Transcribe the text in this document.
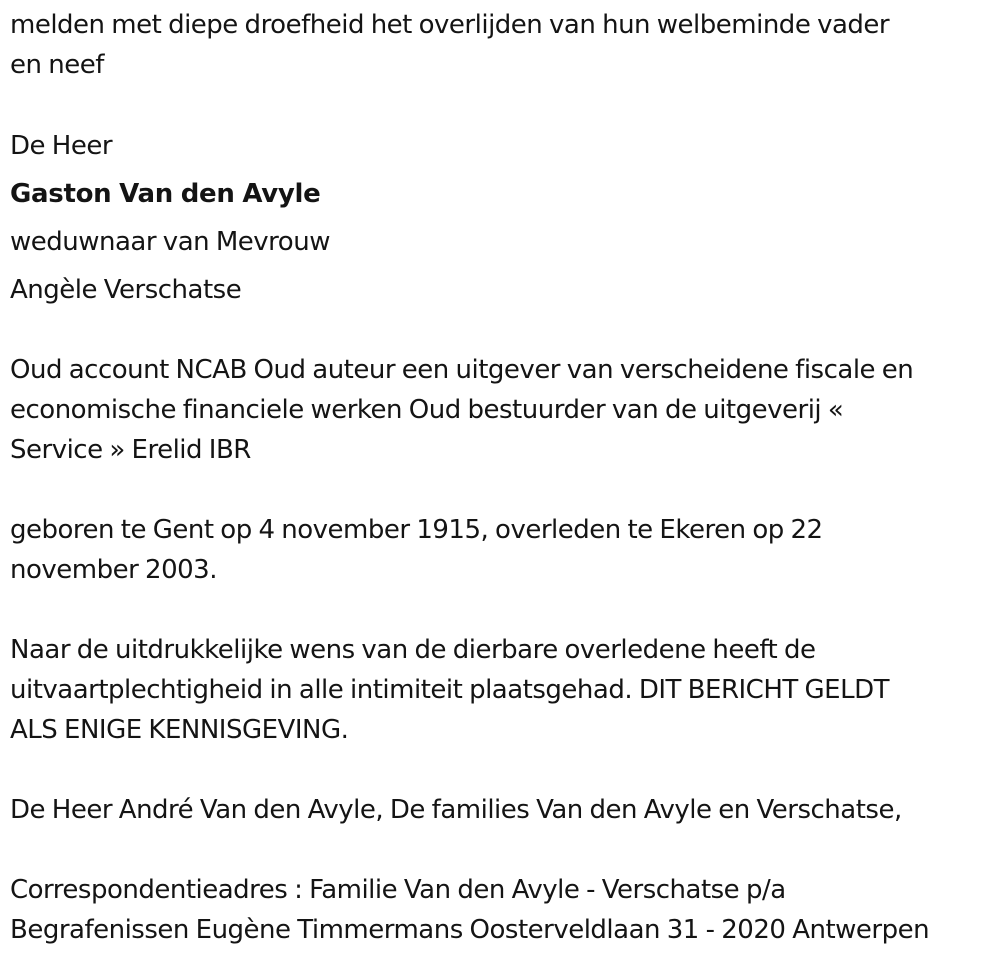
melden met diepe droefheid het overlijden van hun welbeminde vader
en neef

De Heer

Gaston Van den Avyle

weduwnaar van Mevrouw

Angèle Verschatse

Oud account NCAB Oud auteur een uitgever van verscheidene fiscale en
economische financiele werken Oud bestuurder van de uitgeverij «
Service » Erelid IBR

geboren te Gent op 4 november 1915, overleden te Ekeren op 22
november 2003.

Naar de uitdrukkelijke wens van de dierbare overledene heeft de
uitvaartplechtigheid in alle intimiteit plaatsgehad. DIT BERICHT GELDT
ALS ENIGE KENNISGEVING.

De Heer André Van den Avyle, De families Van den Avyle en Verschatse,

Correspondentieadres : Familie Van den Avyle - Verschatse p/a
Begrafenissen Eugène Timmermans Oosterveldlaan 31 - 2020 Antwerpen
